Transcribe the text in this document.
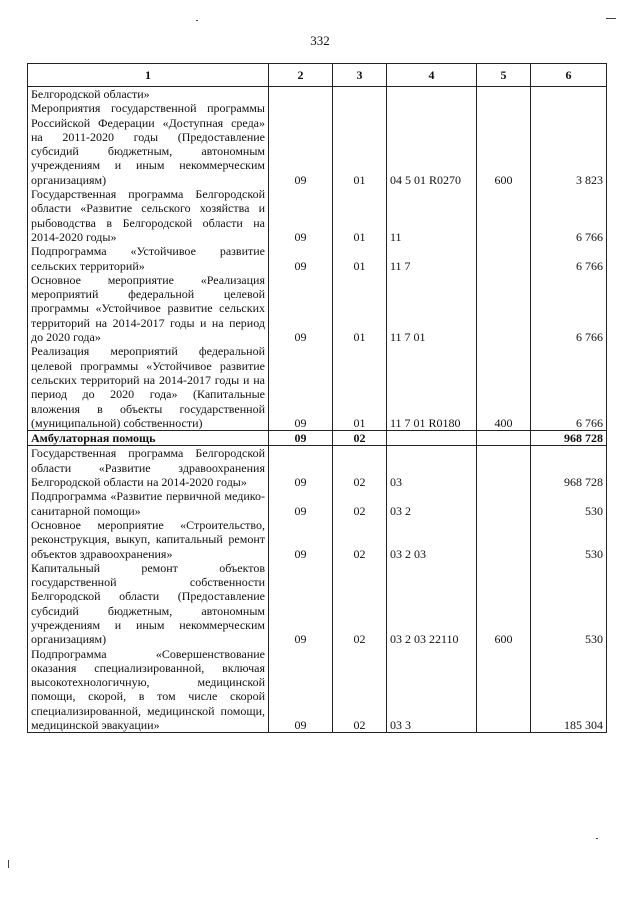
332
1	2	3	4	5	6
Белгородской области»
Мероприятия государственной программы Российской Федерации «Доступная среда» на 2011-2020 годы (Предоставление субсидий бюджетным, автономным учреждениям и иным некоммерческим организациям)	09	01	04 5 01 R0270	600	3 823
Государственная программа Белгородской области «Развитие сельского хозяйства и рыбоводства в Белгородской области на 2014-2020 годы»	09	01	11		6 766
Подпрограмма «Устойчивое развитие сельских территорий»	09	01	11 7		6 766
Основное мероприятие «Реализация мероприятий федеральной целевой программы «Устойчивое развитие сельских территорий на 2014-2017 годы и на период до 2020 года»	09	01	11 7 01		6 766
Реализация мероприятий федеральной целевой программы «Устойчивое развитие сельских территорий на 2014-2017 годы и на период до 2020 года» (Капитальные вложения в объекты государственной (муниципальной) собственности)	09	01	11 7 01 R0180	400	6 766
Амбулаторная помощь	09	02			968 728
Государственная программа Белгородской области «Развитие здравоохранения Белгородской области на 2014-2020 годы»	09	02	03		968 728
Подпрограмма «Развитие первичной медико-санитарной помощи»	09	02	03 2		530
Основное мероприятие «Строительство, реконструкция, выкуп, капитальный ремонт объектов здравоохранения»	09	02	03 2 03		530
Капитальный ремонт объектов государственной собственности Белгородской области (Предоставление субсидий бюджетным, автономным учреждениям и иным некоммерческим организациям)	09	02	03 2 03 22110	600	530
Подпрограмма «Совершенствование оказания специализированной, включая высокотехнологичную, медицинской помощи, скорой, в том числе скорой специализированной, медицинской помощи, медицинской эвакуации»	09	02	03 3		185 304
